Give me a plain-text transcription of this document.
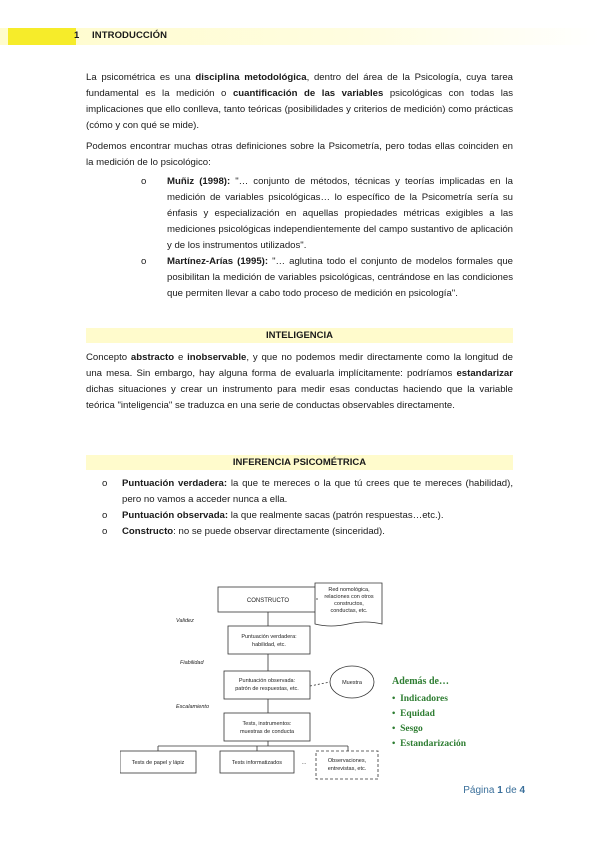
1 INTRODUCCIÓN

La psicométrica es una disciplina metodológica, dentro del área de la Psicología, cuya tarea fundamental es la medición o cuantificación de las variables psicológicas con todas las implicaciones que ello conlleva, tanto teóricas (posibilidades y criterios de medición) como prácticas (cómo y con qué se mide).

Podemos encontrar muchas otras definiciones sobre la Psicometría, pero todas ellas coinciden en la medición de lo psicológico:

o Muñiz (1998): "… conjunto de métodos, técnicas y teorías implicadas en la medición de variables psicológicas… lo específico de la Psicometría sería su énfasis y especialización en aquellas propiedades métricas exigibles a las mediciones psicológicas independientemente del campo sustantivo de aplicación y de los instrumentos utilizados".
o Martínez-Arías (1995): "… aglutina todo el conjunto de modelos formales que posibilitan la medición de variables psicológicas, centrándose en las condiciones que permiten llevar a cabo todo proceso de medición en psicología".
INTELIGENCIA

Concepto abstracto e inobservable, y que no podemos medir directamente como la longitud de una mesa. Sin embargo, hay alguna forma de evaluarla implícitamente: podríamos estandarizar dichas situaciones y crear un instrumento para medir esas conductas haciendo que la variable teórica "inteligencia" se traduzca en una serie de conductas observables directamente.

INFERENCIA PSICOMÉTRICA
o Puntuación verdadera: la que te mereces o la que tú crees que te mereces (habilidad), pero no vamos a acceder nunca a ella.
o Puntuación observada: la que realmente sacas (patrón respuestas…etc.).
o Constructo: no se puede observar directamente (sinceridad).
CONSTRUCTO
Red nomológica,
relaciones con otros
constructos,
conductas, etc.
Validez
Puntuación verdadera:
habilidad, etc.
Fiabilidad
Puntuación observada:
patrón de respuestas, etc.
Muestra
Escalamiento
Tests, instrumentos:
muestras de conducta
Tests de papel y lápiz	Tests informatizados	...	Observaciones,
entrevistas, etc.
Además de…
•  Indicadores
•  Equidad
•  Sesgo
•  Estandarización
Página 1 de 4
